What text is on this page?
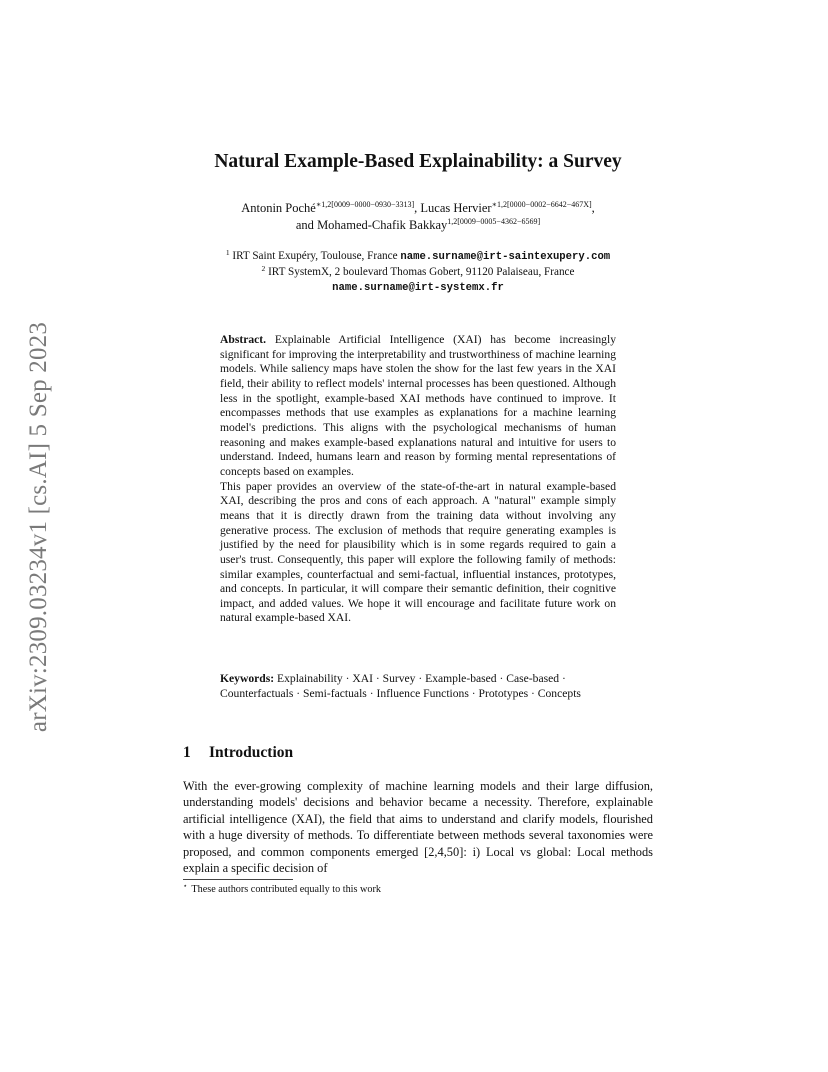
arXiv:2309.03234v1 [cs.AI] 5 Sep 2023
Natural Example-Based Explainability: a Survey
Antonin Poché$^{∗1,2[0009-0000-0930-3313]}$, Lucas Hervier$^{∗1,2[0000-0002-6642-467X]}$,
and Mohamed-Chafik Bakkay$^{1,2[0009-0005-4362-6569]}$
$^1$ IRT Saint Exupéry, Toulouse, France name.surname@irt-saintexupery.com
$^2$ IRT SystemX, 2 boulevard Thomas Gobert, 91120 Palaiseau, France
name.surname@irt-systemx.fr

Abstract. Explainable Artificial Intelligence (XAI) has become increasingly significant for improving the interpretability and trustworthiness of machine learning models. While saliency maps have stolen the show for the last few years in the XAI field, their ability to reflect models' internal processes has been questioned. Although less in the spotlight, example-based XAI methods have continued to improve. It encompasses methods that use examples as explanations for a machine learning model's predictions. This aligns with the psychological mechanisms of human reasoning and makes example-based explanations natural and intuitive for users to understand. Indeed, humans learn and reason by forming mental representations of concepts based on examples.

This paper provides an overview of the state-of-the-art in natural example-based XAI, describing the pros and cons of each approach. A "natural" example simply means that it is directly drawn from the training data without involving any generative process. The exclusion of methods that require generating examples is justified by the need for plausibility which is in some regards required to gain a user's trust. Consequently, this paper will explore the following family of methods: similar examples, counterfactual and semi-factual, influential instances, prototypes, and concepts. In particular, it will compare their semantic definition, their cognitive impact, and added values. We hope it will encourage and facilitate future work on natural example-based XAI.

Keywords: Explainability · XAI · Survey · Example-based · Case-based · Counterfactuals · Semi-factuals · Influence Functions · Prototypes · Concepts
1 Introduction

With the ever-growing complexity of machine learning models and their large diffusion, understanding models' decisions and behavior became a necessity. Therefore, explainable artificial intelligence (XAI), the field that aims to understand and clarify models, flourished with a huge diversity of methods. To differentiate between methods several taxonomies were proposed, and common components emerged [2,4,50]: i) Local vs global: Local methods explain a specific decision of

⋆ These authors contributed equally to this work
